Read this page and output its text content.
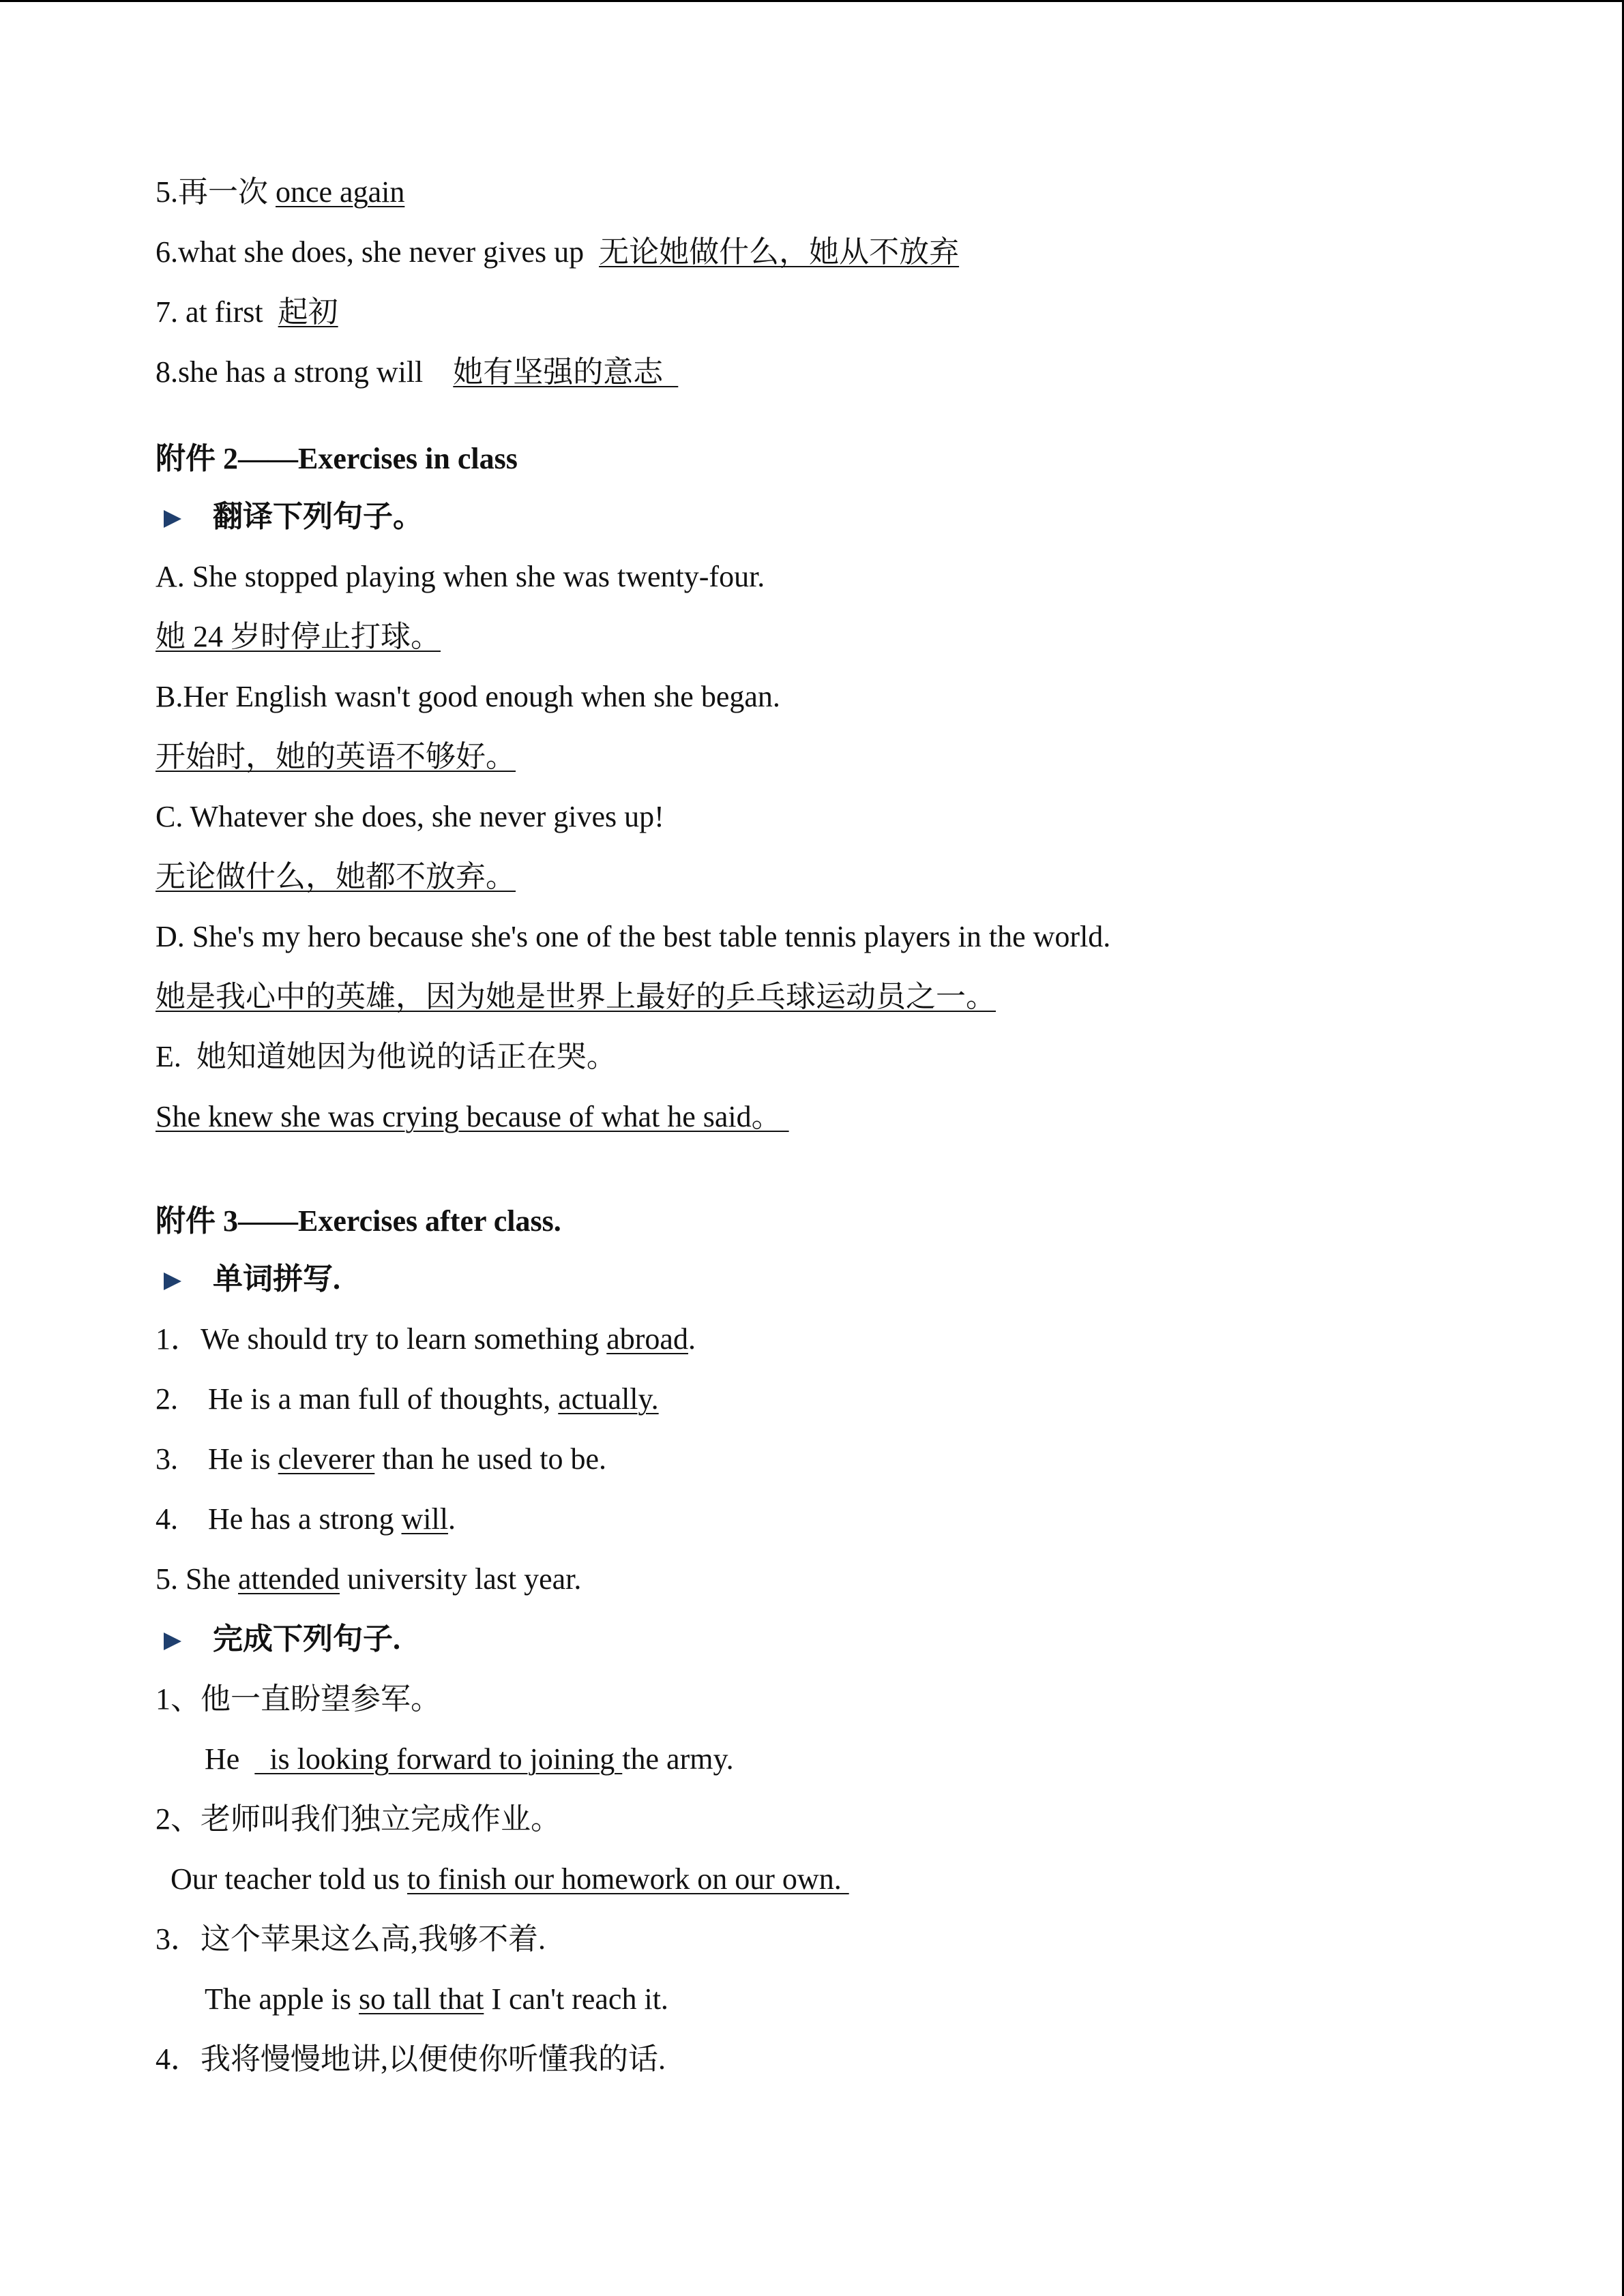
5.再一次 once again
6.what she does, she never gives up  无论她做什么，她从不放弃
7. at first  起初
8.she has a strong will    她有坚强的意志
附件 2——Exercises in class
翻译下列句子。
A. She stopped playing when she was twenty-four.
她 24 岁时停止打球。
B.Her English wasn't good enough when she began.
开始时，她的英语不够好。
C. Whatever she does, she never gives up!
无论做什么，她都不放弃。
D. She's my hero because she's one of the best table tennis players in the world.
她是我心中的英雄，因为她是世界上最好的乒乓球运动员之一。
E.  她知道她因为他说的话正在哭。
She knew she was crying because of what he said。
附件 3——Exercises after class.
单词拼写.
1．We should try to learn something abroad.
2.    He is a man full of thoughts, actually.
3.    He is cleverer than he used to be.
4.    He has a strong will.
5. She attended university last year.
完成下列句子.
1、他一直盼望参军。
He    is looking forward to joining the army.
2、老师叫我们独立完成作业。
Our teacher told us to finish our homework on our own.
3．这个苹果这么高,我够不着.
The apple is so tall that I can't reach it.
4．我将慢慢地讲,以便使你听懂我的话.
